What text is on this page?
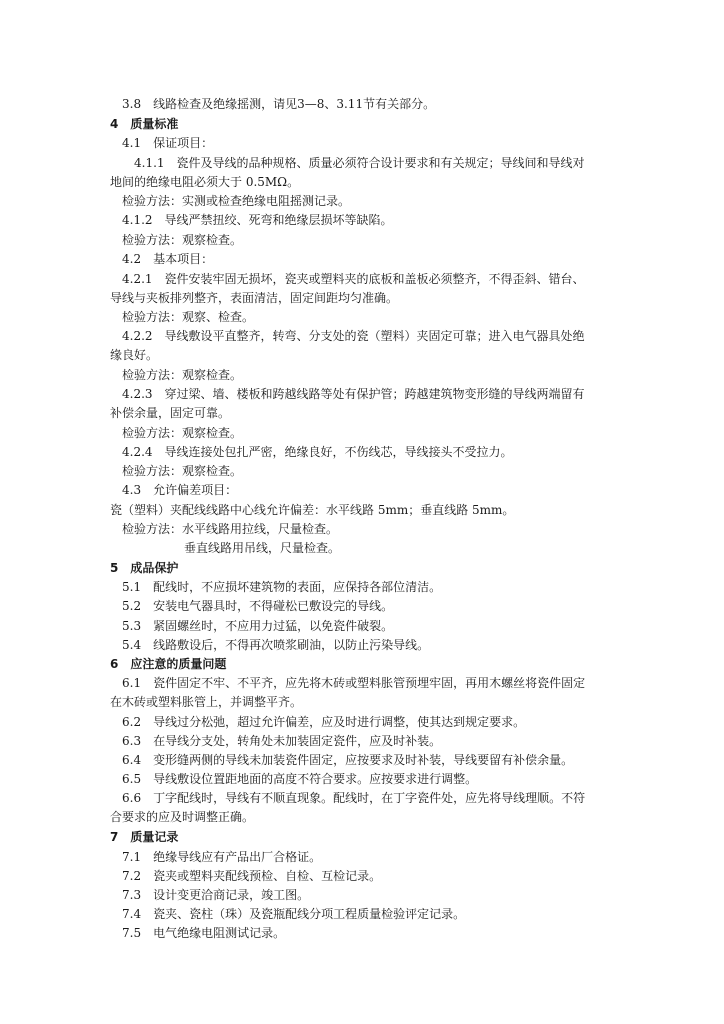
3.8　线路检查及绝缘摇测，请见3—8、3.11节有关部分。
4　质量标准
4.1　保证项目：
4.1.1　瓷件及导线的品种规格、质量必须符合设计要求和有关规定；导线间和导线对
地间的绝缘电阻必须大于 0.5MΩ。
检验方法：实测或检查绝缘电阻摇测记录。
4.1.2　导线严禁扭绞、死弯和绝缘层损坏等缺陷。
检验方法：观察检查。
4.2　基本项目：
4.2.1　瓷件安装牢固无损坏，瓷夹或塑料夹的底板和盖板必须整齐，不得歪斜、错台、
导线与夹板排列整齐，表面清洁，固定间距均匀准确。
检验方法：观察、检查。
4.2.2　导线敷设平直整齐，转弯、分支处的瓷（塑料）夹固定可靠；进入电气器具处绝
缘良好。
检验方法：观察检查。
4.2.3　穿过梁、墙、楼板和跨越线路等处有保护管；跨越建筑物变形缝的导线两端留有
补偿余量，固定可靠。
检验方法：观察检查。
4.2.4　导线连接处包扎严密，绝缘良好，不伤线芯，导线接头不受拉力。
检验方法：观察检查。
4.3　允许偏差项目：
瓷（塑料）夹配线线路中心线允许偏差：水平线路 5mm；垂直线路 5mm。
检验方法：水平线路用拉线，尺量检查。
垂直线路用吊线，尺量检查。
5　成品保护
5.1　配线时，不应损坏建筑物的表面，应保持各部位清洁。
5.2　安装电气器具时，不得碰松已敷设完的导线。
5.3　紧固螺丝时，不应用力过猛，以免瓷件破裂。
5.4　线路敷设后，不得再次喷浆刷油，以防止污染导线。
6　应注意的质量问题
6.1　瓷件固定不牢、不平齐，应先将木砖或塑料胀管预埋牢固，再用木螺丝将瓷件固定
在木砖或塑料胀管上，并调整平齐。
6.2　导线过分松弛，超过允许偏差，应及时进行调整，使其达到规定要求。
6.3　在导线分支处，转角处未加装固定瓷件，应及时补装。
6.4　变形缝两侧的导线未加装瓷件固定，应按要求及时补装，导线要留有补偿余量。
6.5　导线敷设位置距地面的高度不符合要求。应按要求进行调整。
6.6　丁字配线时，导线有不顺直现象。配线时，在丁字瓷件处，应先将导线理顺。不符
合要求的应及时调整正确。
7　质量记录
7.1　绝缘导线应有产品出厂合格证。
7.2　瓷夹或塑料夹配线预检、自检、互检记录。
7.3　设计变更洽商记录，竣工图。
7.4　瓷夹、瓷柱（珠）及瓷瓶配线分项工程质量检验评定记录。
7.5　电气绝缘电阻测试记录。
